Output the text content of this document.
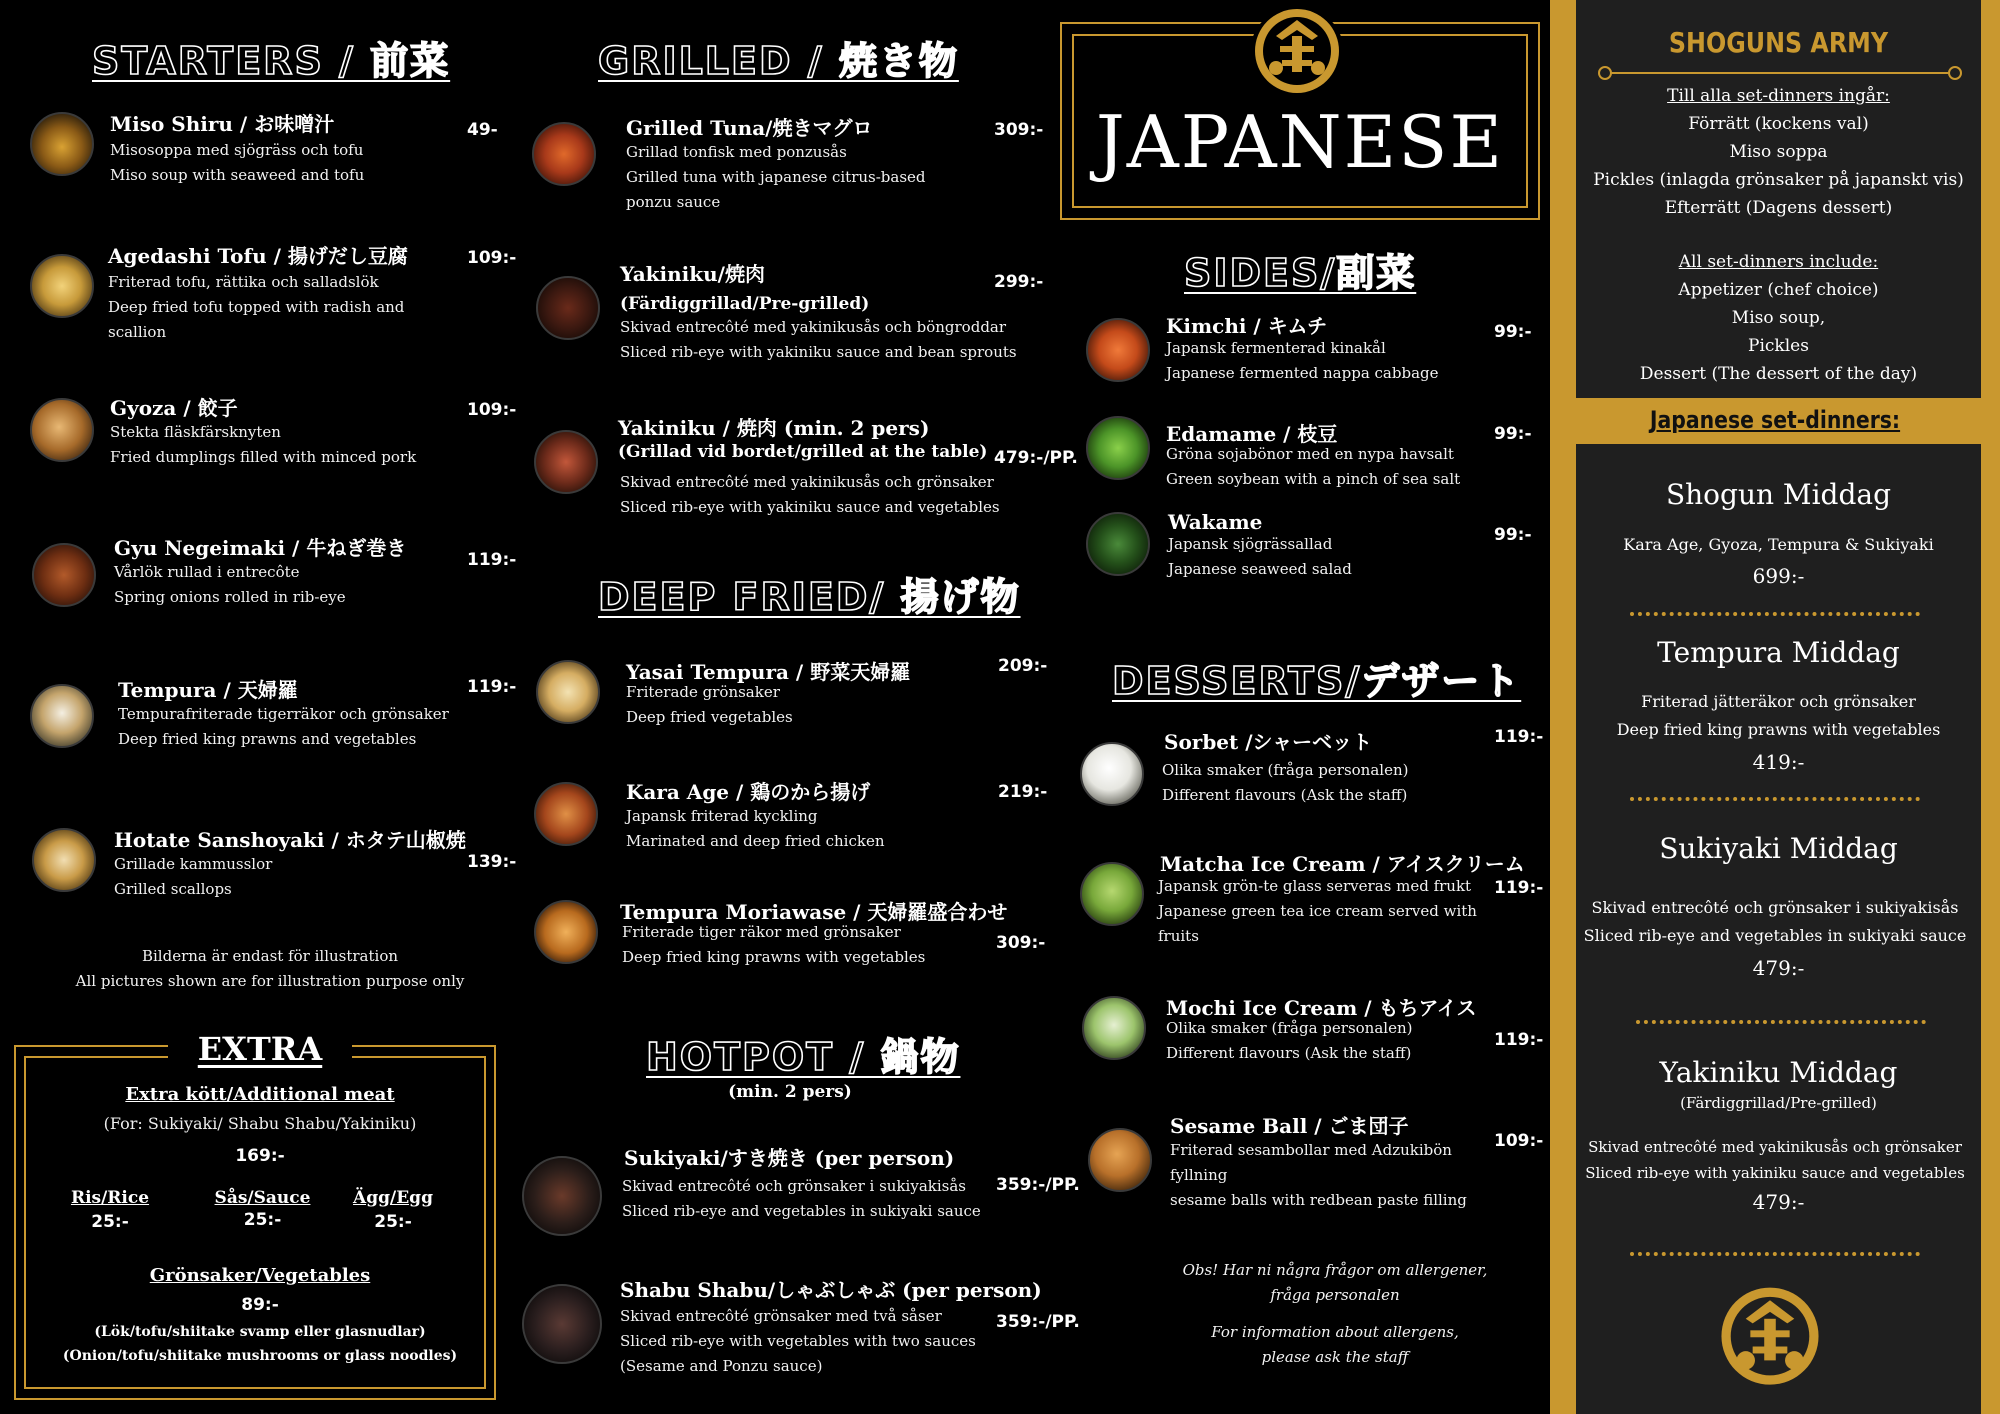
STARTERS / 前菜
Miso Shiru / お味噌汁
Misosoppa med sjögräss och tofu
Miso soup with seaweed and tofu
49-
Agedashi Tofu / 揚げだし豆腐
Friterad tofu, rättika och salladslök
Deep fried tofu topped with radish and
scallion
109:-
Gyoza / 餃子
Stekta fläskfärsknyten
Fried dumplings filled with minced pork
109:-
Gyu Negeimaki / 牛ねぎ巻き
Vårlök rullad i entrecôte
Spring onions rolled in rib-eye
119:-
Tempura / 天婦羅
Tempurafriterade tigerräkor och grönsaker
Deep fried king prawns and vegetables
119:-
Hotate Sanshoyaki / ホタテ山椒焼
Grillade kammusslor
Grilled scallops
139:-
Bilderna är endast för illustration
All pictures shown are for illustration purpose only
EXTRA
Extra kött/Additional meat
(For: Sukiyaki/ Shabu Shabu/Yakiniku)
169:-
Ris/Rice
25:-
Sås/Sauce
25:-
Ägg/Egg
25:-
Grönsaker/Vegetables
89:-
(Lök/tofu/shiitake svamp eller glasnudlar)
(Onion/tofu/shiitake mushrooms or glass noodles)
GRILLED / 焼き物
Grilled Tuna/焼きマグロ
Grillad tonfisk med ponzusås
Grilled tuna with japanese citrus-based
ponzu sauce
309:-
Yakiniku/焼肉
(Färdiggrillad/Pre-grilled)
Skivad entrecôté med yakinikusås och böngroddar
Sliced rib-eye with yakiniku sauce and bean sprouts
299:-
Yakiniku / 焼肉 (min. 2 pers)
(Grillad vid bordet/grilled at the table)
Skivad entrecôté med yakinikusås och grönsaker
Sliced rib-eye with yakiniku sauce and vegetables
479:-/PP.
DEEP FRIED/ 揚げ物
Yasai Tempura / 野菜天婦羅
Friterade grönsaker
Deep fried vegetables
209:-
Kara Age / 鶏のから揚げ
Japansk friterad kyckling
Marinated and deep fried chicken
219:-
Tempura Moriawase / 天婦羅盛合わせ
Friterade tiger räkor med grönsaker
Deep fried king prawns with vegetables
309:-
HOTPOT / 鍋物
(min. 2 pers)
Sukiyaki/すき焼き (per person)
Skivad entrecôté och grönsaker i sukiyakisås
Sliced rib-eye and vegetables in sukiyaki sauce
359:-/PP.
Shabu Shabu/しゃぶしゃぶ (per person)
Skivad entrecôté grönsaker med två såser
Sliced rib-eye with vegetables with two sauces
(Sesame and Ponzu sauce)
359:-/PP.
JAPANESE
SIDES/副菜
Kimchi / キムチ
Japansk fermenterad kinakål
Japanese fermented nappa cabbage
99:-
Edamame / 枝豆
Gröna sojabönor med en nypa havsalt
Green soybean with a pinch of sea salt
99:-
Wakame
Japansk sjögrässallad
Japanese seaweed salad
99:-
DESSERTS/デザート
Sorbet /シャーベット
Olika smaker (fråga personalen)
Different flavours (Ask the staff)
119:-
Matcha Ice Cream / アイスクリーム
Japansk grön-te glass serveras med frukt
Japanese green tea ice cream served with
fruits
119:-
Mochi Ice Cream / もちアイス
Olika smaker (fråga personalen)
Different flavours (Ask the staff)
119:-
Sesame Ball / ごま団子
Friterad sesambollar med Adzukibön
fyllning
sesame balls with redbean paste filling
109:-
Obs! Har ni några frågor om allergener,
fråga personalen
For information about allergens,
please ask the staff
SHOGUNS ARMY
Till alla set-dinners ingår:
Förrätt (kockens val)
Miso soppa
Pickles (inlagda grönsaker på japanskt vis)
Efterrätt (Dagens dessert)
All set-dinners include:
Appetizer (chef choice)
Miso soup,
Pickles
Dessert (The dessert of the day)
Japanese set-dinners:
Shogun Middag
Kara Age, Gyoza, Tempura & Sukiyaki
699:-
Tempura Middag
Friterad jätteräkor och grönsaker
Deep fried king prawns with vegetables
419:-
Sukiyaki Middag
Skivad entrecôté och grönsaker i sukiyakisås
Sliced rib-eye and vegetables in sukiyaki sauce
479:-
Yakiniku Middag
(Färdiggrillad/Pre-grilled)
Skivad entrecôté med yakinikusås och grönsaker
Sliced rib-eye with yakiniku sauce and vegetables
479:-
